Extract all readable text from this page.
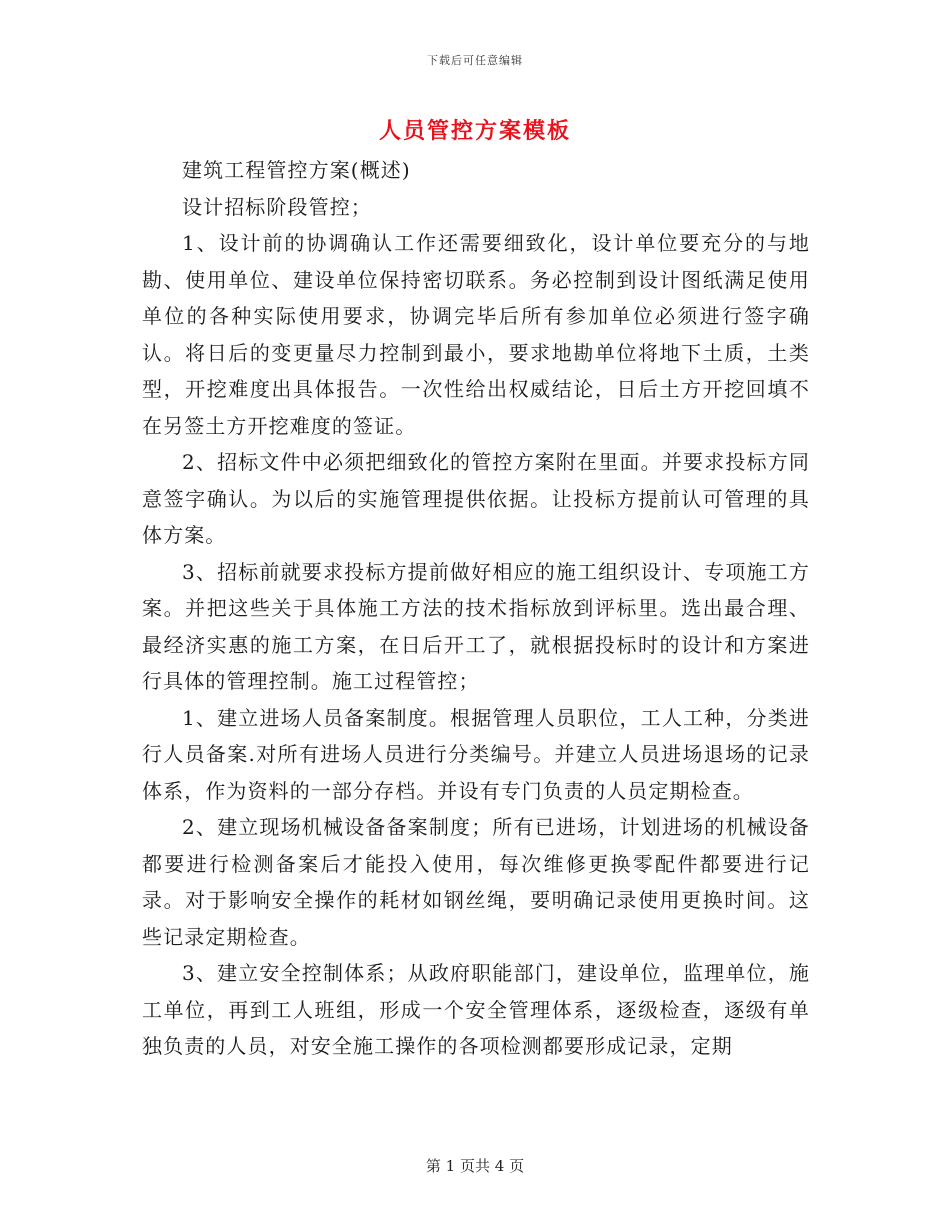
下载后可任意编辑
人员管控方案模板

建筑工程管控方案(概述)

设计招标阶段管控；

1、设计前的协调确认工作还需要细致化，设计单位要充分的与地勘、使用单位、建设单位保持密切联系。务必控制到设计图纸满足使用单位的各种实际使用要求，协调完毕后所有参加单位必须进行签字确认。将日后的变更量尽力控制到最小，要求地勘单位将地下土质，土类型，开挖难度出具体报告。一次性给出权威结论，日后土方开挖回填不在另签土方开挖难度的签证。

2、招标文件中必须把细致化的管控方案附在里面。并要求投标方同意签字确认。为以后的实施管理提供依据。让投标方提前认可管理的具体方案。

3、招标前就要求投标方提前做好相应的施工组织设计、专项施工方案。并把这些关于具体施工方法的技术指标放到评标里。选出最合理、最经济实惠的施工方案，在日后开工了，就根据投标时的设计和方案进行具体的管理控制。施工过程管控；

1、建立进场人员备案制度。根据管理人员职位，工人工种，分类进行人员备案.对所有进场人员进行分类编号。并建立人员进场退场的记录体系，作为资料的一部分存档。并设有专门负责的人员定期检查。

2、建立现场机械设备备案制度；所有已进场，计划进场的机械设备都要进行检测备案后才能投入使用，每次维修更换零配件都要进行记录。对于影响安全操作的耗材如钢丝绳，要明确记录使用更换时间。这些记录定期检查。

3、建立安全控制体系；从政府职能部门，建设单位，监理单位，施工单位，再到工人班组，形成一个安全管理体系，逐级检查，逐级有单独负责的人员，对安全施工操作的各项检测都要形成记录，定期

第 1 页共 4 页
